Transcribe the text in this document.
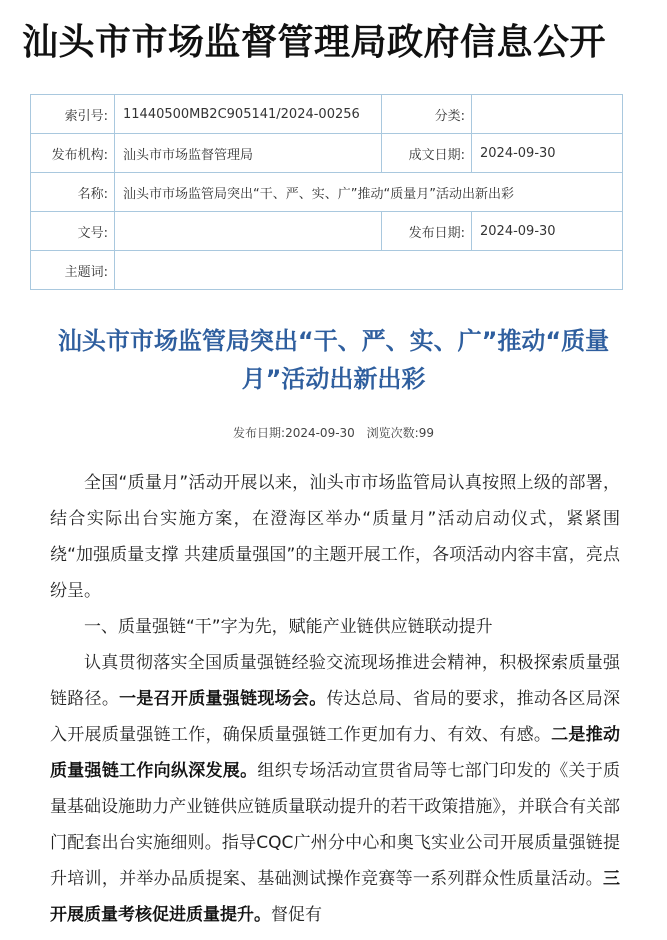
汕头市市场监督管理局政府信息公开
索引号:	11440500MB2C905141/2024-00256	分类:	
发布机构:	汕头市市场监督管理局	成文日期:	2024-09-30
名称:	汕头市市场监管局突出“干、严、实、广”推动“质量月”活动出新出彩		
文号:		发布日期:	2024-09-30
主题词:			
汕头市市场监管局突出“干、严、实、广”推动“质量月”活动出新出彩
发布日期:2024-09-30 浏览次数:99

全国“质量月”活动开展以来，汕头市市场监管局认真按照上级的部署，结合实际出台实施方案，在澄海区举办“质量月”活动启动仪式，紧紧围绕“加强质量支撑 共建质量强国”的主题开展工作，各项活动内容丰富，亮点纷呈。

一、质量强链“干”字为先，赋能产业链供应链联动提升

认真贯彻落实全国质量强链经验交流现场推进会精神，积极探索质量强链路径。一是召开质量强链现场会。传达总局、省局的要求，推动各区局深入开展质量强链工作，确保质量强链工作更加有力、有效、有感。二是推动质量强链工作向纵深发展。组织专场活动宣贯省局等七部门印发的《关于质量基础设施助力产业链供应链质量联动提升的若干政策措施》，并联合有关部门配套出台实施细则。指导CQC广州分中心和奥飞实业公司开展质量强链提升培训，并举办品质提案、基础测试操作竞赛等一系列群众性质量活动。三开展质量考核促进质量提升。督促有
